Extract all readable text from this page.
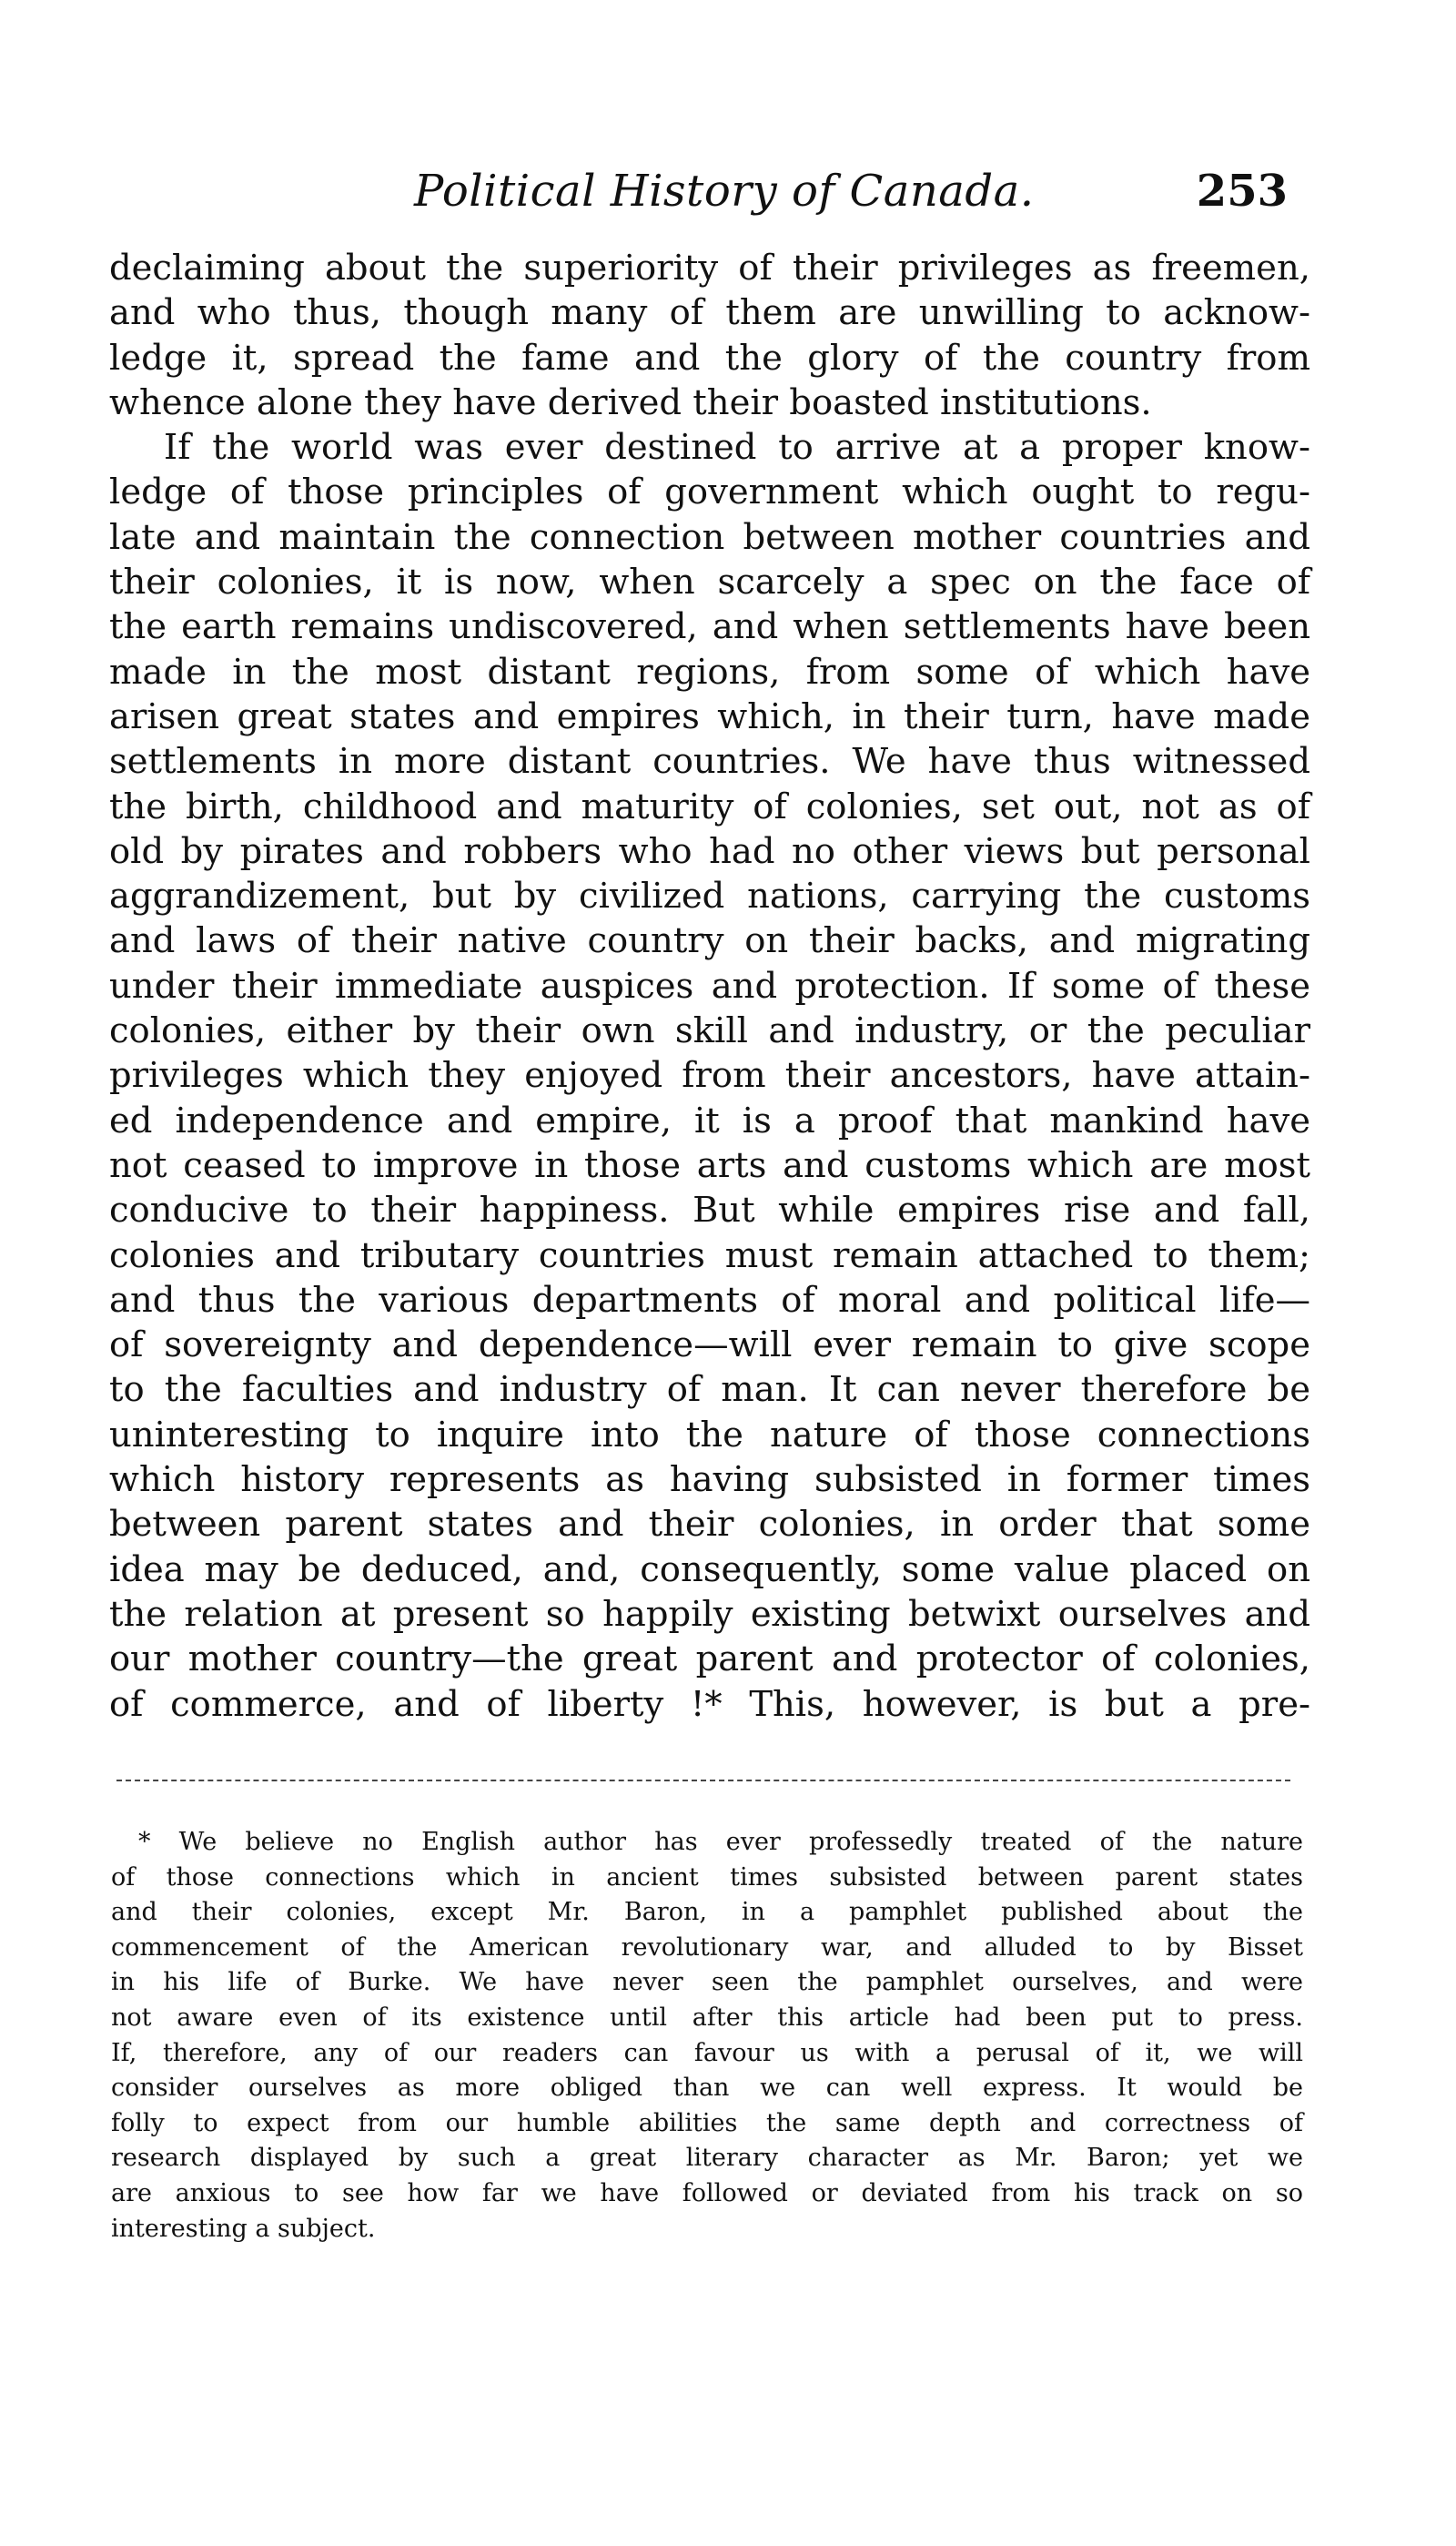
Political History of Canada.	253
declaiming about the superiority of their privileges as freemen,
and who thus, though many of them are unwilling to acknow-
ledge it, spread the fame and the glory of the country from
whence alone they have derived their boasted institutions.
If the world was ever destined to arrive at a proper know-
ledge of those principles of government which ought to regu-
late and maintain the connection between mother countries and
their colonies, it is now, when scarcely a spec on the face of
the earth remains undiscovered, and when settlements have been
made in the most distant regions, from some of which have
arisen great states and empires which, in their turn, have made
settlements in more distant countries. We have thus witnessed
the birth, childhood and maturity of colonies, set out, not as of
old by pirates and robbers who had no other views but personal
aggrandizement, but by civilized nations, carrying the customs
and laws of their native country on their backs, and migrating
under their immediate auspices and protection. If some of these
colonies, either by their own skill and industry, or the peculiar
privileges which they enjoyed from their ancestors, have attain-
ed independence and empire, it is a proof that mankind have
not ceased to improve in those arts and customs which are most
conducive to their happiness. But while empires rise and fall,
colonies and tributary countries must remain attached to them;
and thus the various departments of moral and political life—
of sovereignty and dependence—will ever remain to give scope
to the faculties and industry of man. It can never therefore be
uninteresting to inquire into the nature of those connections
which history represents as having subsisted in former times
between parent states and their colonies, in order that some
idea may be deduced, and, consequently, some value placed on
the relation at present so happily existing betwixt ourselves and
our mother country—the great parent and protector of colonies,
of commerce, and of liberty !* This, however, is but a pre-
* We believe no English author has ever professedly treated of the nature
of those connections which in ancient times subsisted between parent states
and their colonies, except Mr. Baron, in a pamphlet published about the
commencement of the American revolutionary war, and alluded to by Bisset
in his life of Burke. We have never seen the pamphlet ourselves, and were
not aware even of its existence until after this article had been put to press.
If, therefore, any of our readers can favour us with a perusal of it, we will
consider ourselves as more obliged than we can well express. It would be
folly to expect from our humble abilities the same depth and correctness of
research displayed by such a great literary character as Mr. Baron; yet we
are anxious to see how far we have followed or deviated from his track on so
interesting a subject.
